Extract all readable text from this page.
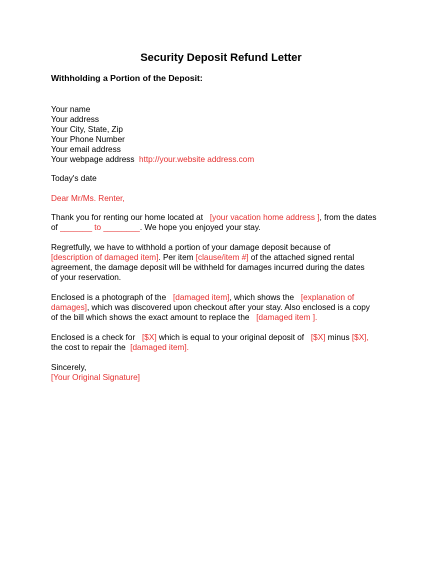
Security Deposit Refund Letter
Withholding a Portion of the Deposit:
Your name
Your address
Your City, State, Zip
Your Phone Number
Your email address
Your webpage address http://your.website address.com
Today's date
Dear Mr/Ms. Renter,
Thank you for renting our home located at [your vacation home address ], from the dates
of _______ to ________. We hope you enjoyed your stay.
Regretfully, we have to withhold a portion of your damage deposit because of
[description of damaged item]. Per item [clause/item #] of the attached signed rental
agreement, the damage deposit will be withheld for damages incurred during the dates
of your reservation.
Enclosed is a photograph of the [damaged item], which shows the [explanation of
damages], which was discovered upon checkout after your stay. Also enclosed is a copy
of the bill which shows the exact amount to replace the [damaged item ].
Enclosed is a check for [$X] which is equal to your original deposit of [$X] minus [$X],
the cost to repair the [damaged item].
Sincerely,
[Your Original Signature]
